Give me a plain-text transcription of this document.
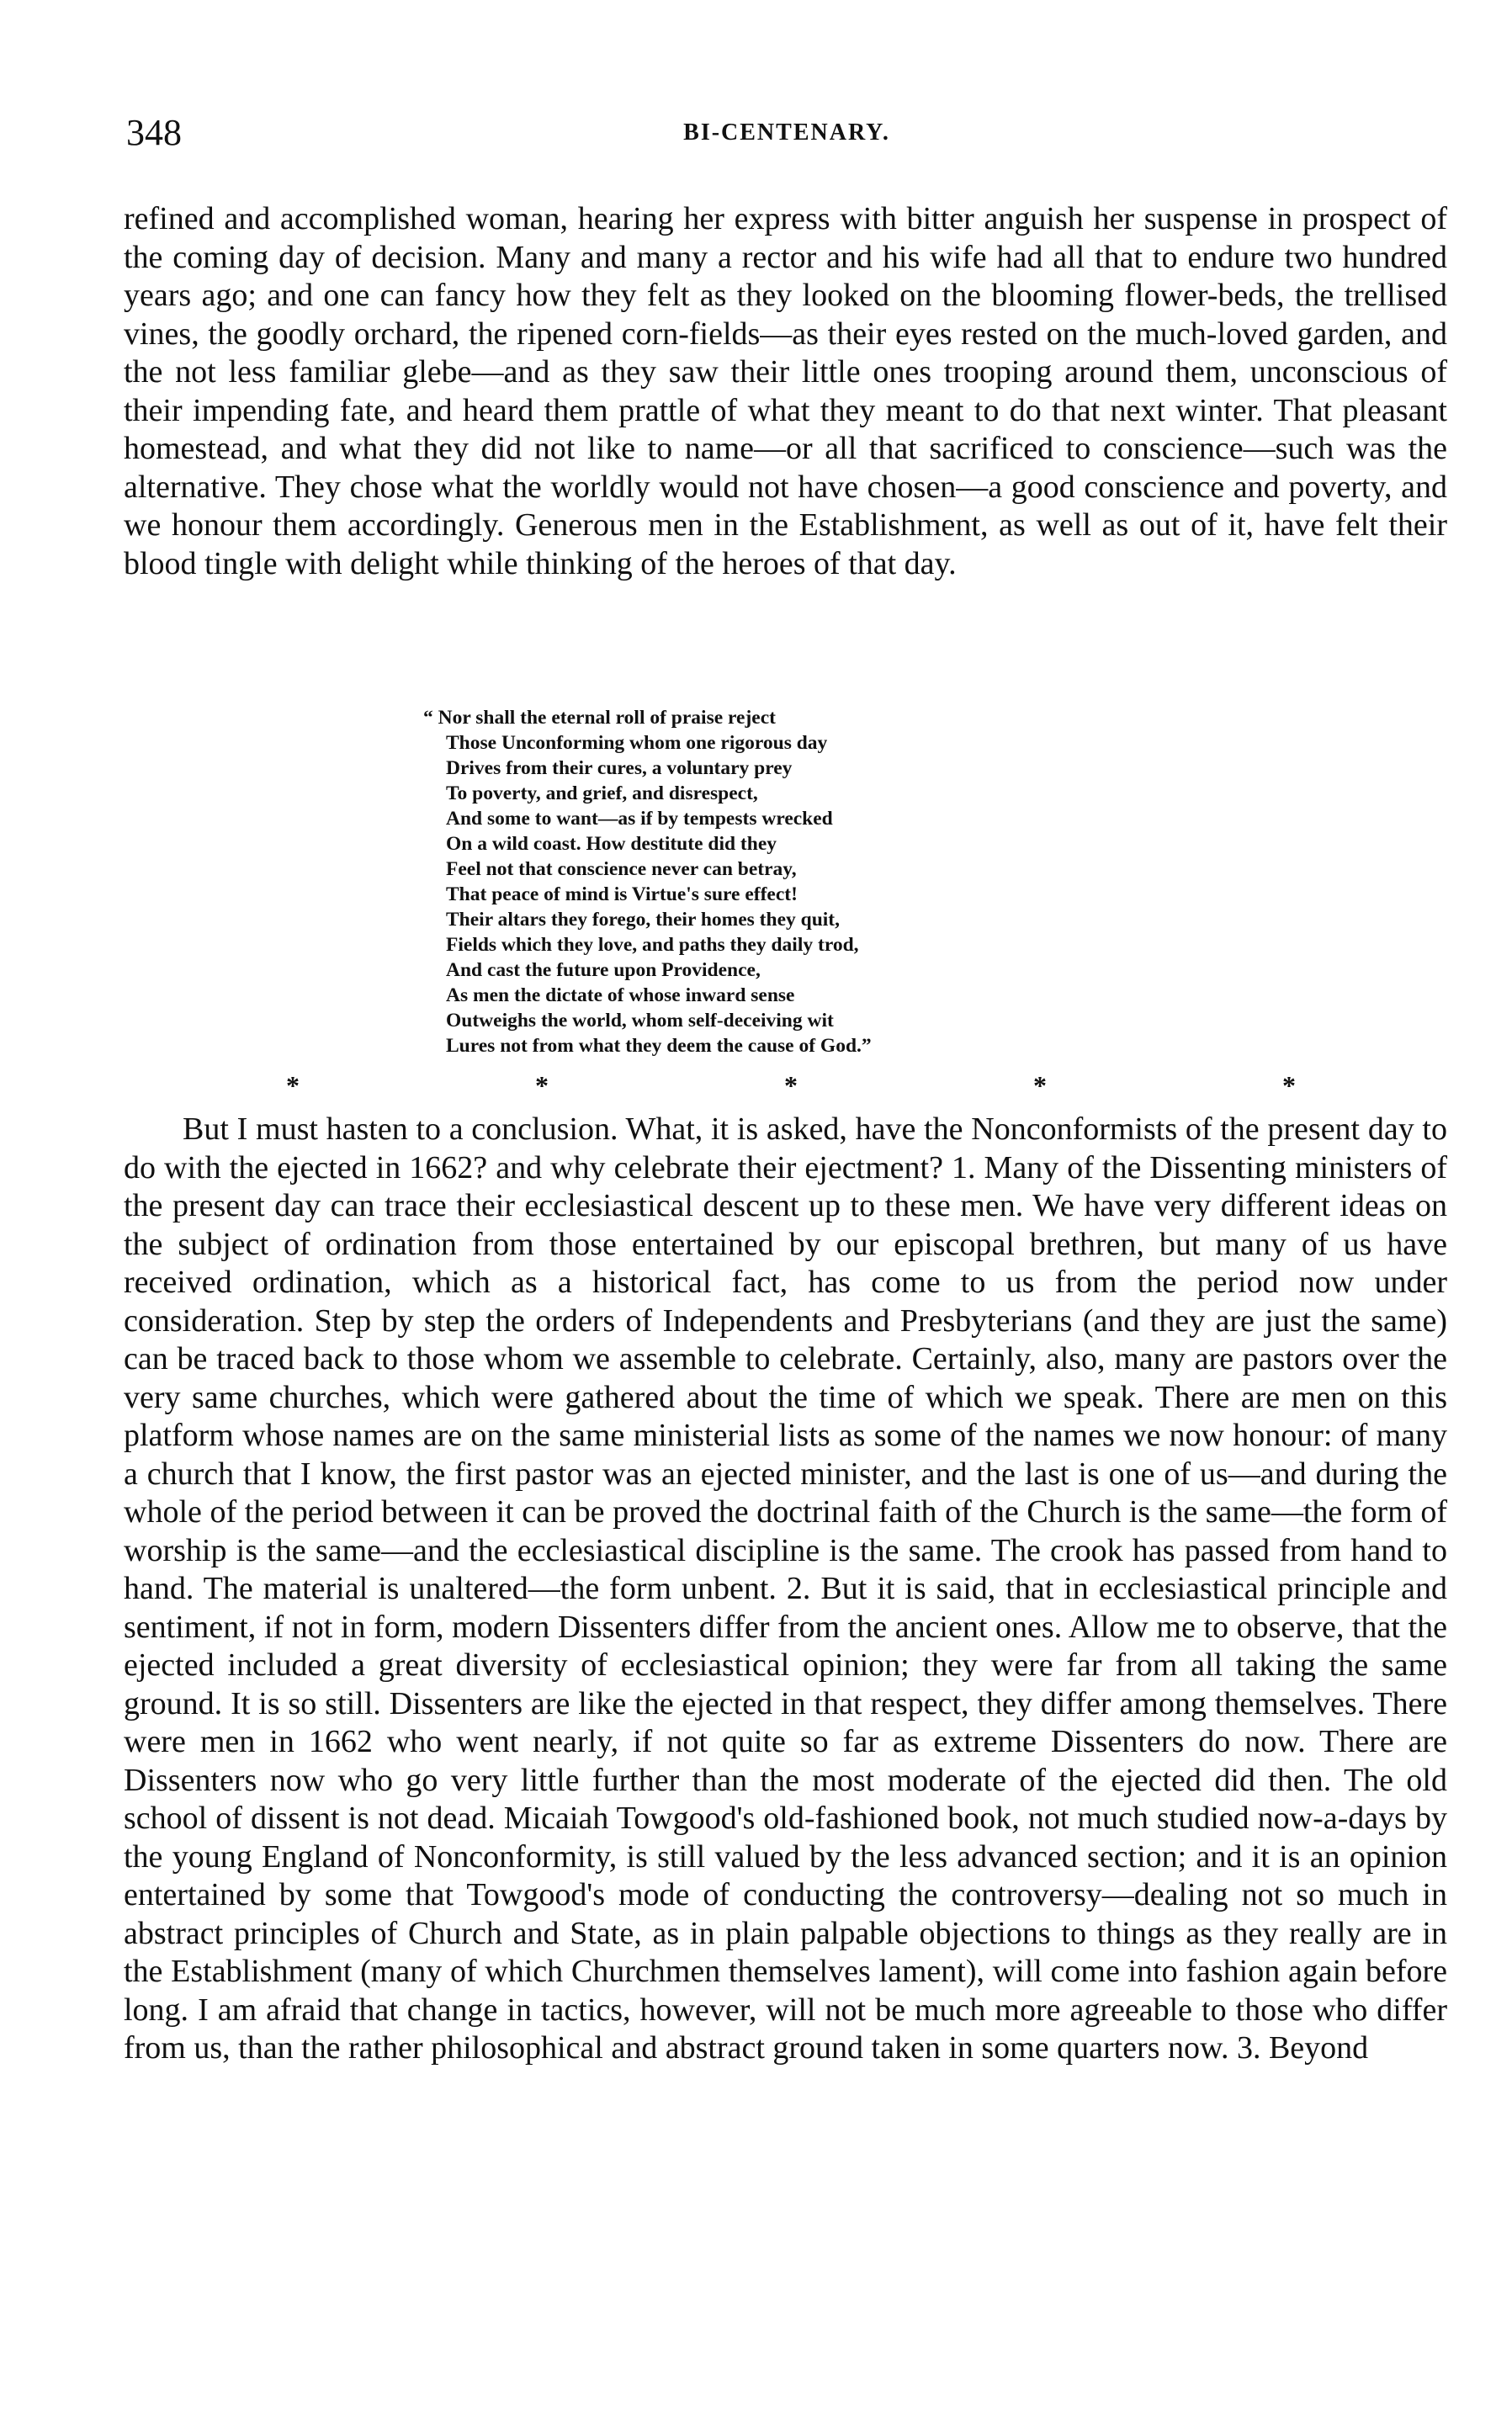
348	BI-CENTENARY.

refined and accomplished woman, hearing her express with bitter anguish her suspense in prospect of the coming day of decision. Many and many a rector and his wife had all that to endure two hundred years ago; and one can fancy how they felt as they looked on the blooming flower-beds, the trellised vines, the goodly orchard, the ripened corn-fields—as their eyes rested on the much-loved garden, and the not less familiar glebe—and as they saw their little ones trooping around them, unconscious of their impending fate, and heard them prattle of what they meant to do that next winter. That pleasant homestead, and what they did not like to name—or all that sacrificed to conscience—such was the alternative. They chose what the worldly would not have chosen—a good conscience and poverty, and we honour them accordingly. Generous men in the Establishment, as well as out of it, have felt their blood tingle with delight while thinking of the heroes of that day.

“ Nor shall the eternal roll of praise reject
Those Unconforming whom one rigorous day
Drives from their cures, a voluntary prey
To poverty, and grief, and disrespect,
And some to want—as if by tempests wrecked
On a wild coast. How destitute did they
Feel not that conscience never can betray,
That peace of mind is Virtue's sure effect!
Their altars they forego, their homes they quit,
Fields which they love, and paths they daily trod,
And cast the future upon Providence,
As men the dictate of whose inward sense
Outweighs the world, whom self-deceiving wit
Lures not from what they deem the cause of God.”
*	*	*	*	*

But I must hasten to a conclusion. What, it is asked, have the Nonconformists of the present day to do with the ejected in 1662? and why celebrate their ejectment? 1. Many of the Dissenting ministers of the present day can trace their ecclesiastical descent up to these men. We have very different ideas on the subject of ordination from those entertained by our episcopal brethren, but many of us have received ordination, which as a historical fact, has come to us from the period now under consideration. Step by step the orders of Independents and Presbyterians (and they are just the same) can be traced back to those whom we assemble to celebrate. Certainly, also, many are pastors over the very same churches, which were gathered about the time of which we speak. There are men on this platform whose names are on the same ministerial lists as some of the names we now honour: of many a church that I know, the first pastor was an ejected minister, and the last is one of us—and during the whole of the period between it can be proved the doctrinal faith of the Church is the same—the form of worship is the same—and the ecclesiastical discipline is the same. The crook has passed from hand to hand. The material is unaltered—the form unbent. 2. But it is said, that in ecclesiastical principle and sentiment, if not in form, modern Dissenters differ from the ancient ones. Allow me to observe, that the ejected included a great diversity of ecclesiastical opinion; they were far from all taking the same ground. It is so still. Dissenters are like the ejected in that respect, they differ among themselves. There were men in 1662 who went nearly, if not quite so far as extreme Dissenters do now. There are Dissenters now who go very little further than the most moderate of the ejected did then. The old school of dissent is not dead. Micaiah Towgood's old-fashioned book, not much studied now-a-days by the young England of Nonconformity, is still valued by the less advanced section; and it is an opinion entertained by some that Towgood's mode of conducting the controversy—dealing not so much in abstract principles of Church and State, as in plain palpable objections to things as they really are in the Establishment (many of which Churchmen themselves lament), will come into fashion again before long. I am afraid that change in tactics, however, will not be much more agreeable to those who differ from us, than the rather philosophical and abstract ground taken in some quarters now. 3. Beyond
